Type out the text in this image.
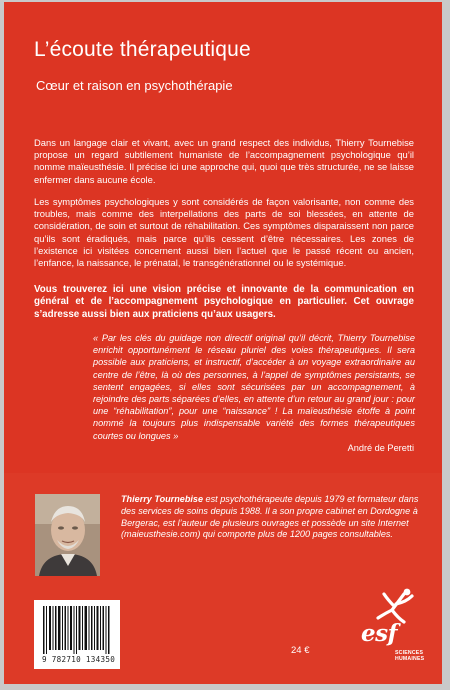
L’écoute thérapeutique

Cœur et raison en psychothérapie

Dans un langage clair et vivant, avec un grand respect des individus, Thierry Tournebise propose un regard subtilement humaniste de l’accompagnement psychologique qu’il nomme maïeusthésie. Il précise ici une approche qui, quoi que très structurée, ne se laisse enfermer dans aucune école.

Les symptômes psychologiques y sont considérés de façon valorisante, non comme des troubles, mais comme des interpellations des parts de soi blessées, en attente de considération, de soin et surtout de réhabilitation. Ces symptômes disparaissent non parce qu’ils sont éradiqués, mais parce qu’ils cessent d’être nécessaires. Les zones de l’existence ici visitées concernent aussi bien l’actuel que le passé récent ou ancien, l’enfance, la naissance, le prénatal, le transgénérationnel ou le systémique.

Vous trouverez ici une vision précise et innovante de la communication en général et de l’accompagnement psychologique en particulier. Cet ouvrage s’adresse aussi bien aux praticiens qu’aux usagers.

« Par les clés du guidage non directif original qu’il décrit, Thierry Tournebise enrichit opportunément le réseau pluriel des voies thérapeutiques. Il sera possible aux praticiens, et instructif, d’accéder à un voyage extraordinaire au centre de l’être, là où des personnes, à l’appel de symptômes persistants, se sentent engagées, si elles sont sécurisées par un accompagnement, à rejoindre des parts séparées d’elles, en attente d’un retour au grand jour : pour une “réhabilitation”, pour une “naissance” ! La maïeusthésie étoffe à point nommé la toujours plus indispensable variété des formes thérapeutiques courtes ou longues »

André de Peretti

Thierry Tournebise est psychothérapeute depuis 1979 et formateur dans des services de soins depuis 1988. Il a son propre cabinet en Dordogne à Bergerac, est l’auteur de plusieurs ouvrages et possède un site Internet (maieusthesie.com) qui comporte plus de 1200 pages consultables.

9 782710 134350

24 €

esf

SCIENCES

HUMAINES
